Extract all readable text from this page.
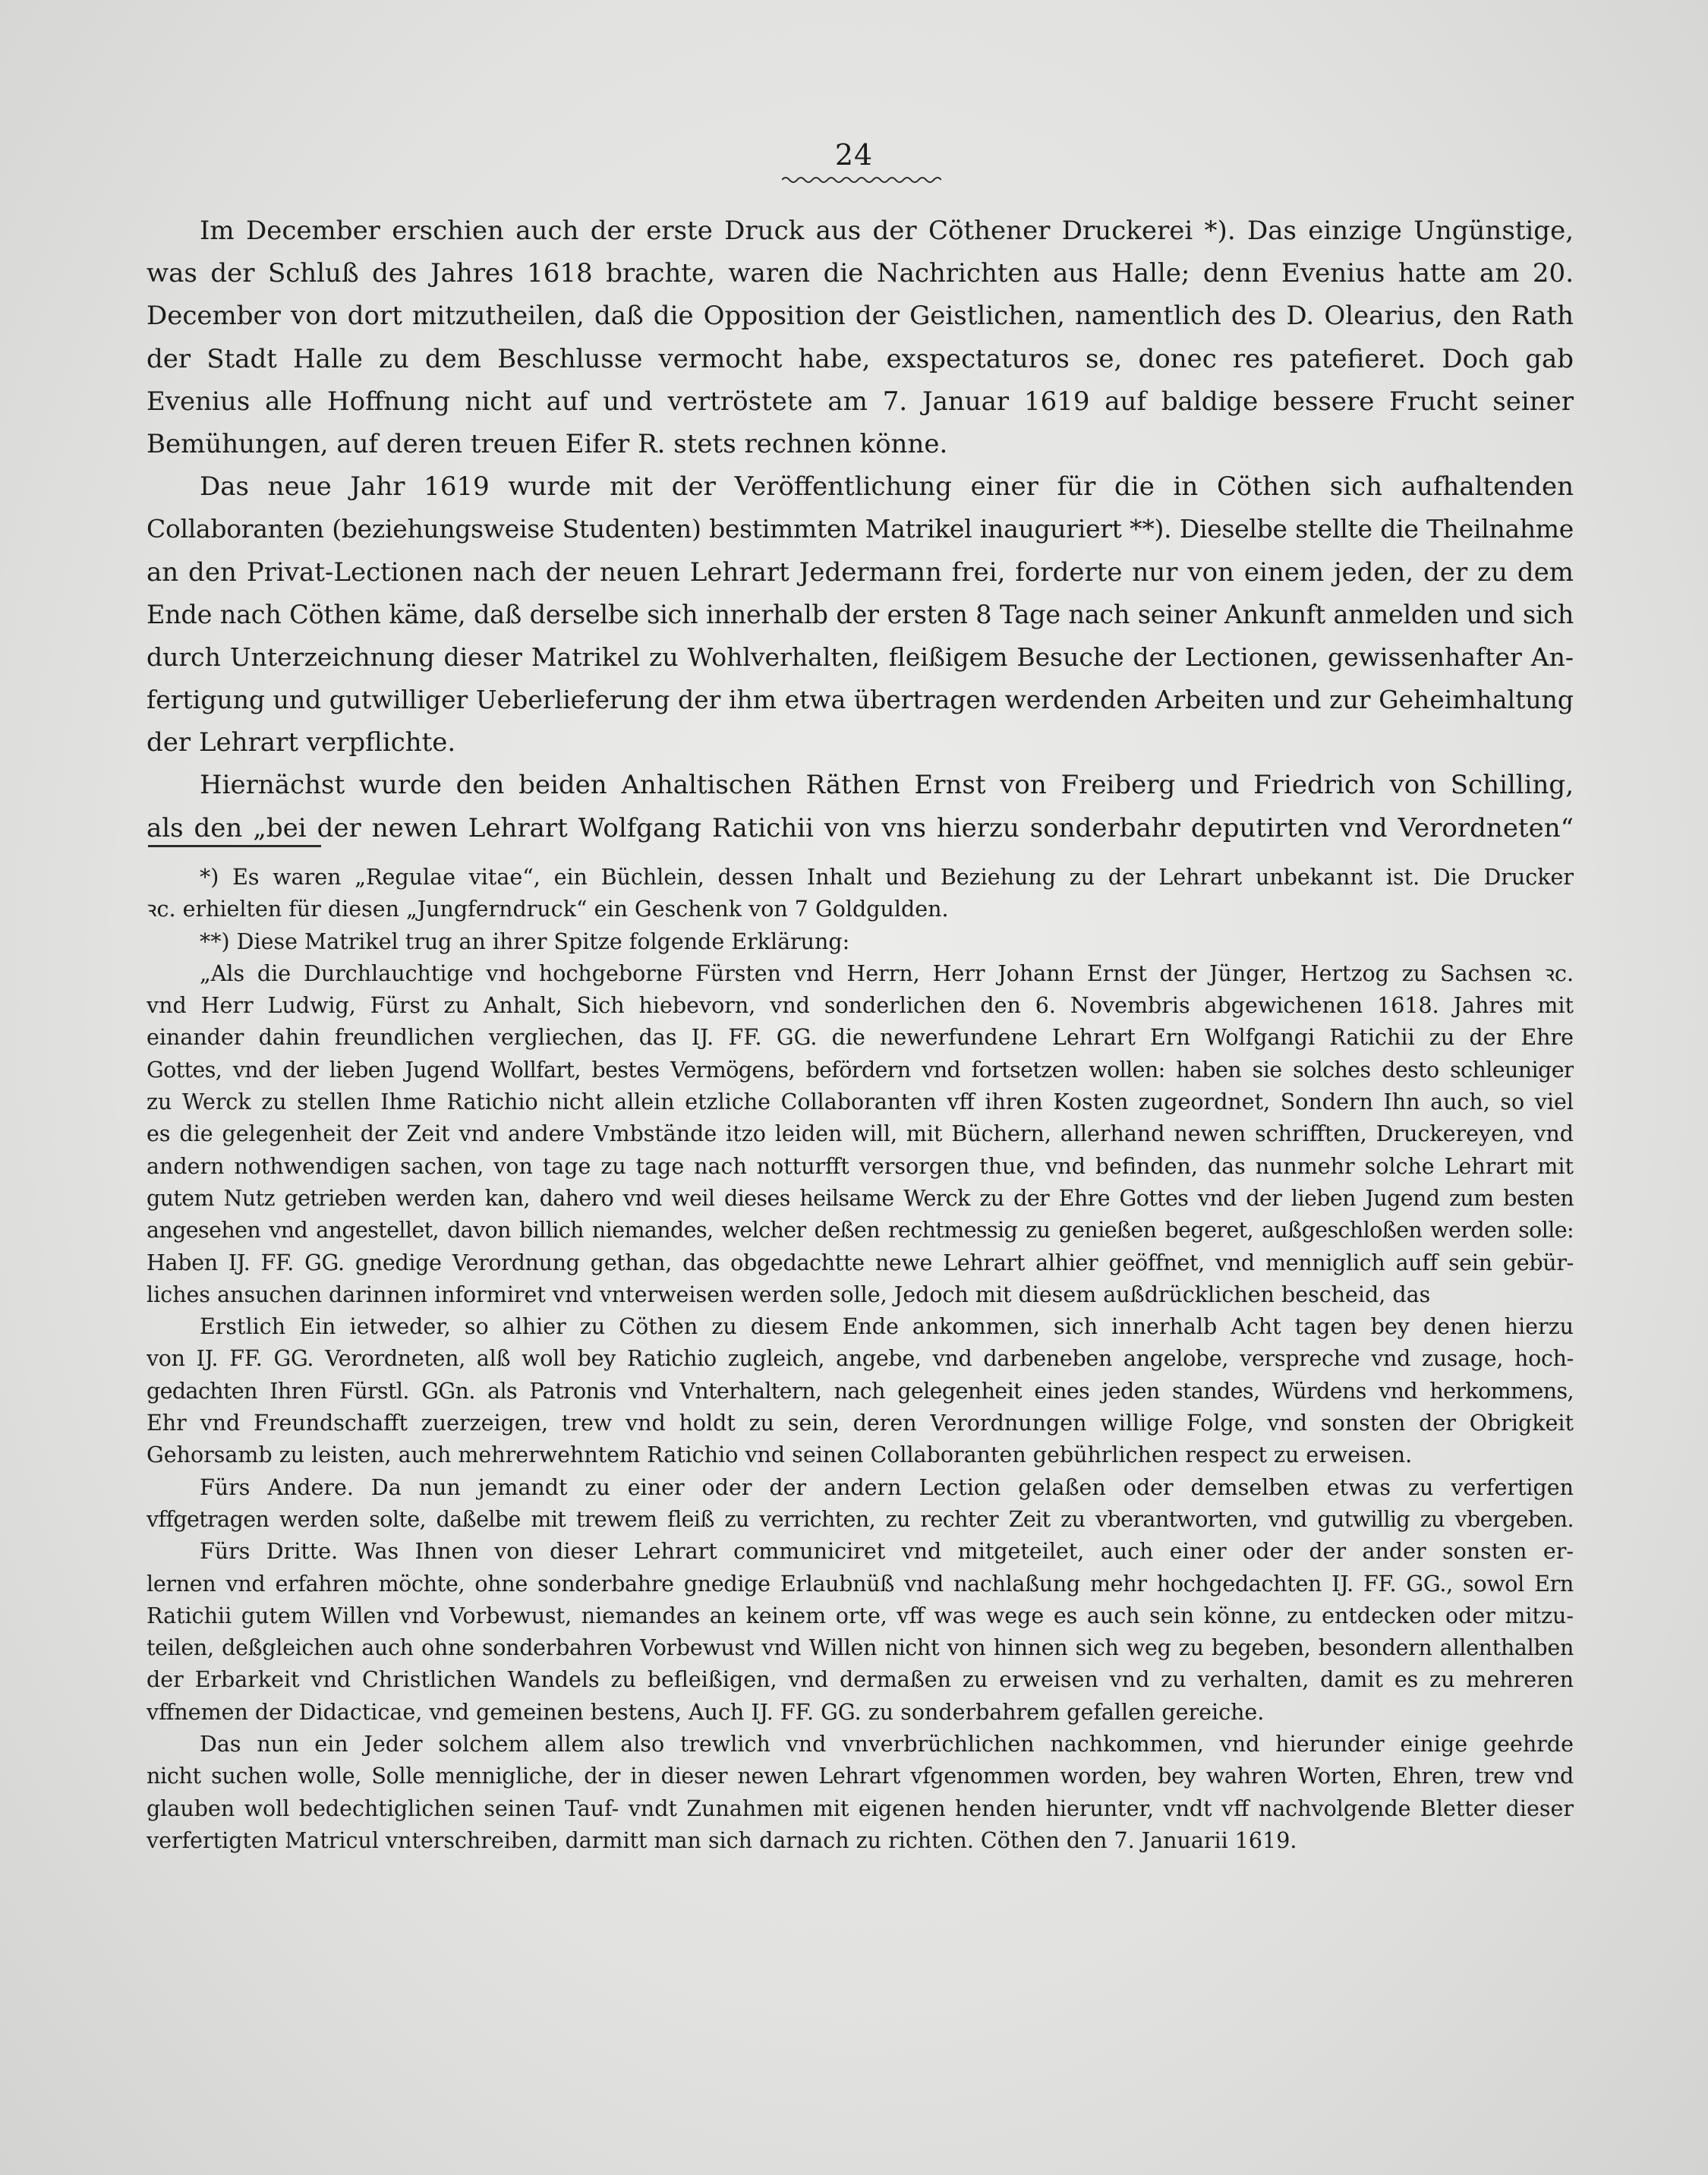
24
Im December erschien auch der erste Druck aus der Cöthener Druckerei *). Das einzige Ungünstige,
was der Schluß des Jahres 1618 brachte, waren die Nachrichten aus Halle; denn Evenius hatte am 20.
December von dort mitzutheilen, daß die Opposition der Geistlichen, namentlich des D. Olearius, den Rath
der Stadt Halle zu dem Beschlusse vermocht habe, exspectaturos se, donec res patefieret. Doch gab
Evenius alle Hoffnung nicht auf und vertröstete am 7. Januar 1619 auf baldige bessere Frucht seiner
Bemühungen, auf deren treuen Eifer R. stets rechnen könne.
Das neue Jahr 1619 wurde mit der Veröffentlichung einer für die in Cöthen sich aufhaltenden
Collaboranten (beziehungsweise Studenten) bestimmten Matrikel inauguriert **). Dieselbe stellte die Theilnahme
an den Privat-Lectionen nach der neuen Lehrart Jedermann frei, forderte nur von einem jeden, der zu dem
Ende nach Cöthen käme, daß derselbe sich innerhalb der ersten 8 Tage nach seiner Ankunft anmelden und sich
durch Unterzeichnung dieser Matrikel zu Wohlverhalten, fleißigem Besuche der Lectionen, gewissenhafter An-
fertigung und gutwilliger Ueberlieferung der ihm etwa übertragen werdenden Arbeiten und zur Geheimhaltung
der Lehrart verpflichte.
Hiernächst wurde den beiden Anhaltischen Räthen Ernst von Freiberg und Friedrich von Schilling,
als den „bei der newen Lehrart Wolfgang Ratichii von vns hierzu sonderbahr deputirten vnd Verordneten“
*) Es waren „Regulae vitae“, ein Büchlein, dessen Inhalt und Beziehung zu der Lehrart unbekannt ist. Die Drucker
ꝛc. erhielten für diesen „Jungferndruck“ ein Geschenk von 7 Goldgulden.
**) Diese Matrikel trug an ihrer Spitze folgende Erklärung:
„Als die Durchlauchtige vnd hochgeborne Fürsten vnd Herrn, Herr Johann Ernst der Jünger, Hertzog zu Sachsen ꝛc.
vnd Herr Ludwig, Fürst zu Anhalt, Sich hiebevorn, vnd sonderlichen den 6. Novembris abgewichenen 1618. Jahres mit
einander dahin freundlichen vergliechen, das IJ. FF. GG. die newerfundene Lehrart Ern Wolfgangi Ratichii zu der Ehre
Gottes, vnd der lieben Jugend Wollfart, bestes Vermögens, befördern vnd fortsetzen wollen: haben sie solches desto schleuniger
zu Werck zu stellen Ihme Ratichio nicht allein etzliche Collaboranten vff ihren Kosten zugeordnet, Sondern Ihn auch, so viel
es die gelegenheit der Zeit vnd andere Vmbstände itzo leiden will, mit Büchern, allerhand newen schrifften, Druckereyen, vnd
andern nothwendigen sachen, von tage zu tage nach notturfft versorgen thue, vnd befinden, das nunmehr solche Lehrart mit
gutem Nutz getrieben werden kan, dahero vnd weil dieses heilsame Werck zu der Ehre Gottes vnd der lieben Jugend zum besten
angesehen vnd angestellet, davon billich niemandes, welcher deßen rechtmessig zu genießen begeret, außgeschloßen werden solle:
Haben IJ. FF. GG. gnedige Verordnung gethan, das obgedachtte newe Lehrart alhier geöffnet, vnd menniglich auff sein gebür-
liches ansuchen darinnen informiret vnd vnterweisen werden solle, Jedoch mit diesem außdrücklichen bescheid, das
Erstlich Ein ietweder, so alhier zu Cöthen zu diesem Ende ankommen, sich innerhalb Acht tagen bey denen hierzu
von IJ. FF. GG. Verordneten, alß woll bey Ratichio zugleich, angebe, vnd darbeneben angelobe, verspreche vnd zusage, hoch-
gedachten Ihren Fürstl. GGn. als Patronis vnd Vnterhaltern, nach gelegenheit eines jeden standes, Würdens vnd herkommens,
Ehr vnd Freundschafft zuerzeigen, trew vnd holdt zu sein, deren Verordnungen willige Folge, vnd sonsten der Obrigkeit
Gehorsamb zu leisten, auch mehrerwehntem Ratichio vnd seinen Collaboranten gebührlichen respect zu erweisen.
Fürs Andere. Da nun jemandt zu einer oder der andern Lection gelaßen oder demselben etwas zu verfertigen
vffgetragen werden solte, daßelbe mit trewem fleiß zu verrichten, zu rechter Zeit zu vberantworten, vnd gutwillig zu vbergeben.
Fürs Dritte. Was Ihnen von dieser Lehrart communiciret vnd mitgeteilet, auch einer oder der ander sonsten er-
lernen vnd erfahren möchte, ohne sonderbahre gnedige Erlaubnüß vnd nachlaßung mehr hochgedachten IJ. FF. GG., sowol Ern
Ratichii gutem Willen vnd Vorbewust, niemandes an keinem orte, vff was wege es auch sein könne, zu entdecken oder mitzu-
teilen, deßgleichen auch ohne sonderbahren Vorbewust vnd Willen nicht von hinnen sich weg zu begeben, besondern allenthalben
der Erbarkeit vnd Christlichen Wandels zu befleißigen, vnd dermaßen zu erweisen vnd zu verhalten, damit es zu mehreren
vffnemen der Didacticae, vnd gemeinen bestens, Auch IJ. FF. GG. zu sonderbahrem gefallen gereiche.
Das nun ein Jeder solchem allem also trewlich vnd vnverbrüchlichen nachkommen, vnd hierunder einige geehrde
nicht suchen wolle, Solle mennigliche, der in dieser newen Lehrart vfgenommen worden, bey wahren Worten, Ehren, trew vnd
glauben woll bedechtiglichen seinen Tauf- vndt Zunahmen mit eigenen henden hierunter, vndt vff nachvolgende Bletter dieser
verfertigten Matricul vnterschreiben, darmitt man sich darnach zu richten. Cöthen den 7. Januarii 1619.
